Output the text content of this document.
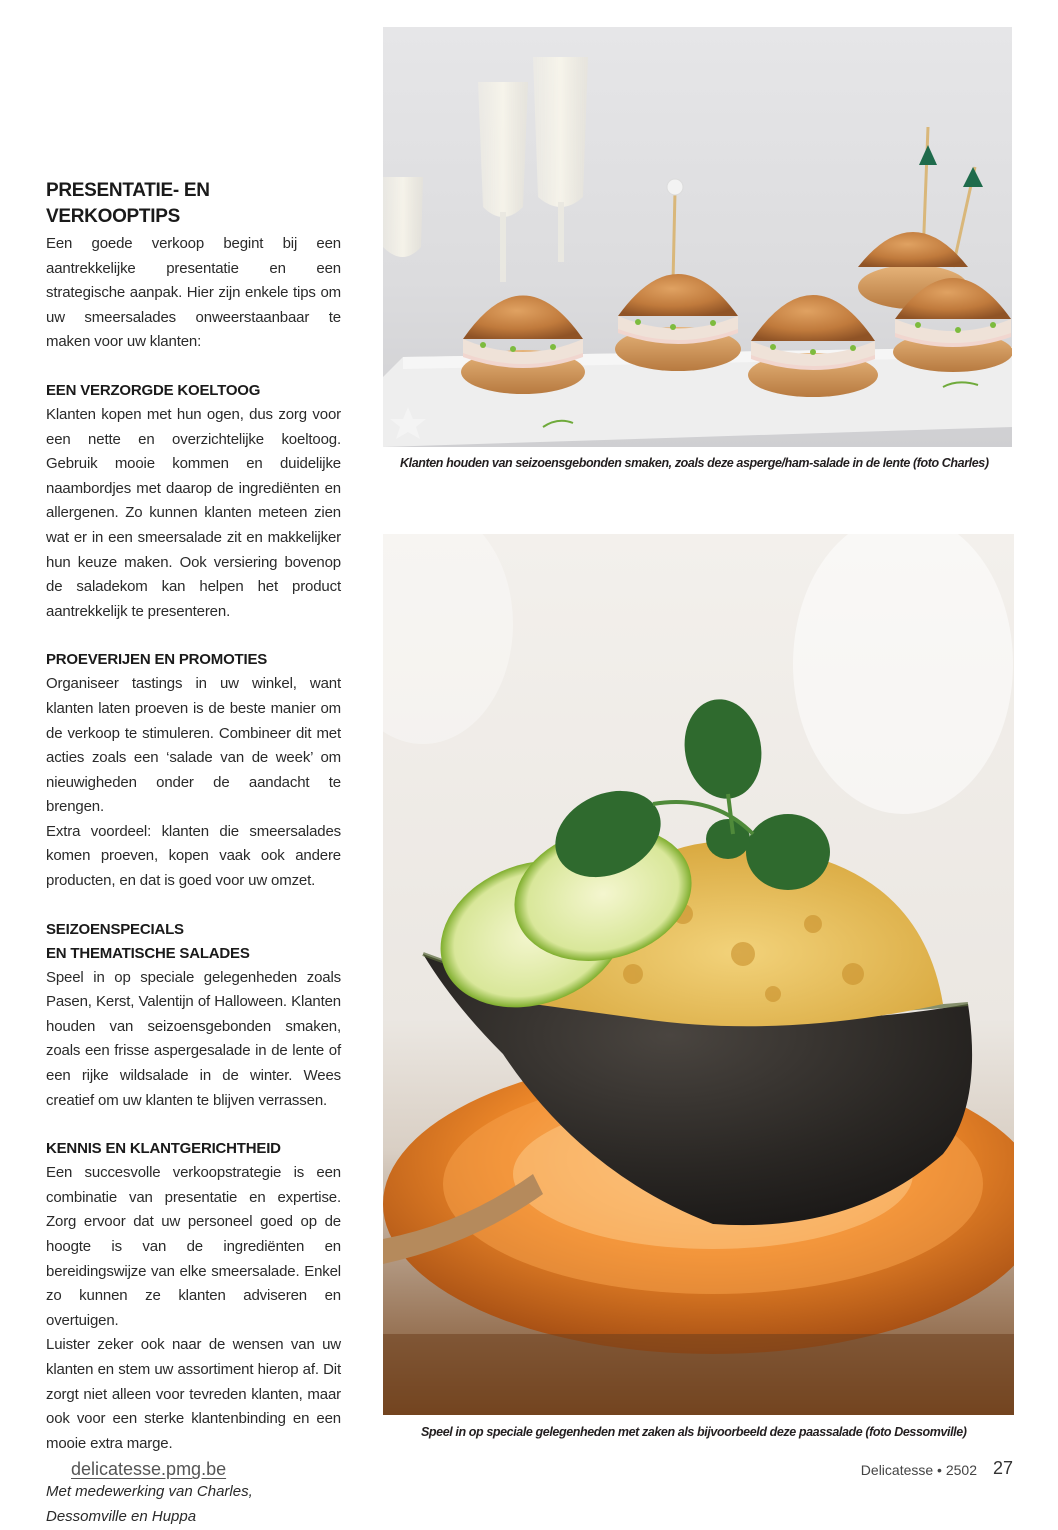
PRESENTATIE- EN VERKOOPTIPS

Een goede verkoop begint bij een aantrekkelijke presentatie en een strategische aanpak. Hier zijn enkele tips om uw smeersalades onweerstaanbaar te maken voor uw klanten:

EEN VERZORGDE KOELTOOG

Klanten kopen met hun ogen, dus zorg voor een nette en overzichtelijke koeltoog. Gebruik mooie kommen en duidelijke naambordjes met daarop de ingrediënten en allergenen. Zo kunnen klanten meteen zien wat er in een smeersalade zit en makkelijker hun keuze maken. Ook versiering bovenop de saladekom kan helpen het product aantrekkelijk te presenteren.

PROEVERIJEN EN PROMOTIES

Organiseer tastings in uw winkel, want klanten laten proeven is de beste manier om de verkoop te stimuleren. Combineer dit met acties zoals een ‘salade van de week’ om nieuwigheden onder de aandacht te brengen.

Extra voordeel: klanten die smeersalades komen proeven, kopen vaak ook andere producten, en dat is goed voor uw omzet.

SEIZOENSPECIALS
EN THEMATISCHE SALADES

Speel in op speciale gelegenheden zoals Pasen, Kerst, Valentijn of Halloween. Klanten houden van seizoensgebonden smaken, zoals een frisse aspergesalade in de lente of een rijke wildsalade in de winter. Wees creatief om uw klanten te blijven verrassen.

KENNIS EN KLANTGERICHTHEID

Een succesvolle verkoopstrategie is een combinatie van presentatie en expertise. Zorg ervoor dat uw personeel goed op de hoogte is van de ingrediënten en bereidingswijze van elke smeersalade. Enkel zo kunnen ze klanten adviseren en overtuigen.

Luister zeker ook naar de wensen van uw klanten en stem uw assortiment hierop af. Dit zorgt niet alleen voor tevreden klanten, maar ook voor een sterke klantenbinding en een mooie extra marge.

Met medewerking van Charles,
Dessomville en Huppa
Klanten houden van seizoensgebonden smaken, zoals deze asperge/ham-salade in de lente (foto Charles)
Speel in op speciale gelegenheden met zaken als bijvoorbeeld deze paassalade (foto Dessomville)
delicatesse.pmg.be	Delicatesse • 2502 27
